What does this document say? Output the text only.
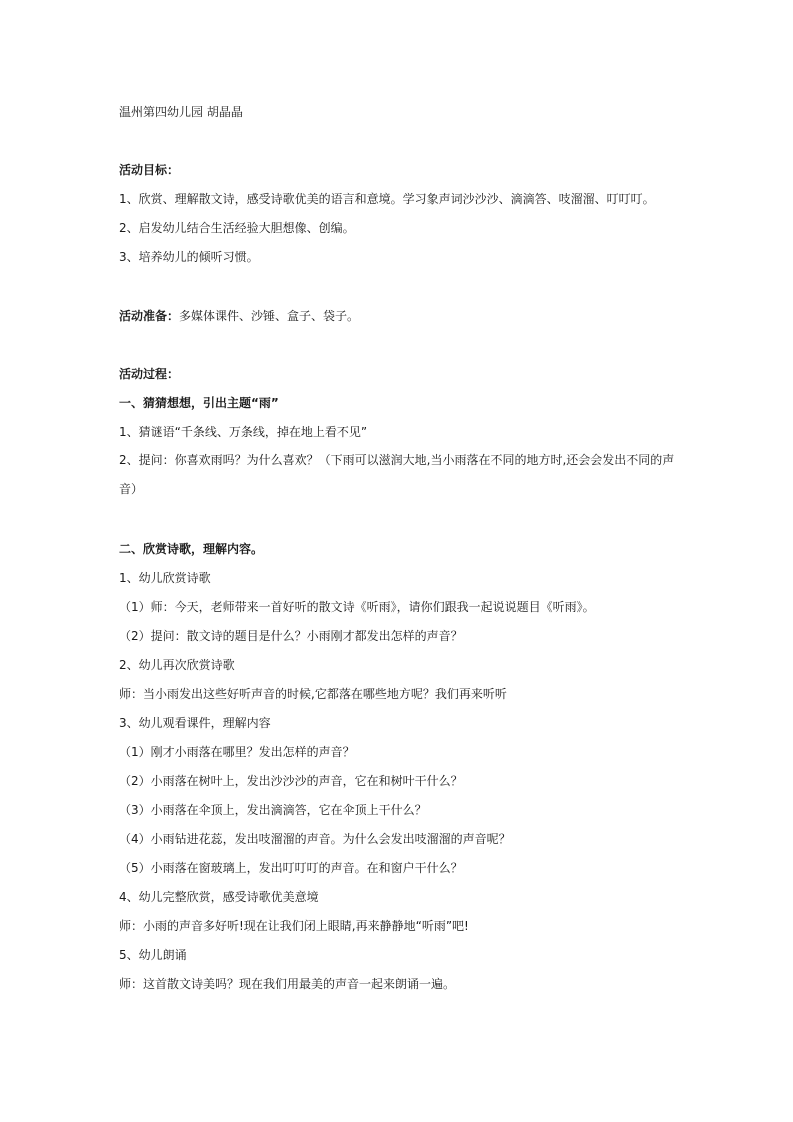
温州第四幼儿园 胡晶晶
活动目标：
1、欣赏、理解散文诗，感受诗歌优美的语言和意境。学习象声词沙沙沙、滴滴答、吱溜溜、叮叮叮。
2、启发幼儿结合生活经验大胆想像、创编。
3、培养幼儿的倾听习惯。
活动准备：多媒体课件、沙锤、盒子、袋子。
活动过程：
一、猜猜想想，引出主题“雨”
1、猜谜语“千条线、万条线，掉在地上看不见”
2、提问：你喜欢雨吗？为什么喜欢？（下雨可以滋润大地,当小雨落在不同的地方时,还会会发出不同的声音）
二、欣赏诗歌，理解内容。
1、幼儿欣赏诗歌
（1）师：今天，老师带来一首好听的散文诗《听雨》，请你们跟我一起说说题目《听雨》。
（2）提问：散文诗的题目是什么？小雨刚才都发出怎样的声音？
2、幼儿再次欣赏诗歌
师：当小雨发出这些好听声音的时候,它都落在哪些地方呢？我们再来听听
3、幼儿观看课件，理解内容
（1）刚才小雨落在哪里？发出怎样的声音？
（2）小雨落在树叶上，发出沙沙沙的声音，它在和树叶干什么？
（3）小雨落在伞顶上，发出滴滴答，它在伞顶上干什么？
（4）小雨钻进花蕊，发出吱溜溜的声音。为什么会发出吱溜溜的声音呢？
（5）小雨落在窗玻璃上，发出叮叮叮的声音。在和窗户干什么？
4、幼儿完整欣赏，感受诗歌优美意境
师：小雨的声音多好听!现在让我们闭上眼睛,再来静静地“听雨”吧!
5、幼儿朗诵
师：这首散文诗美吗？现在我们用最美的声音一起来朗诵一遍。
